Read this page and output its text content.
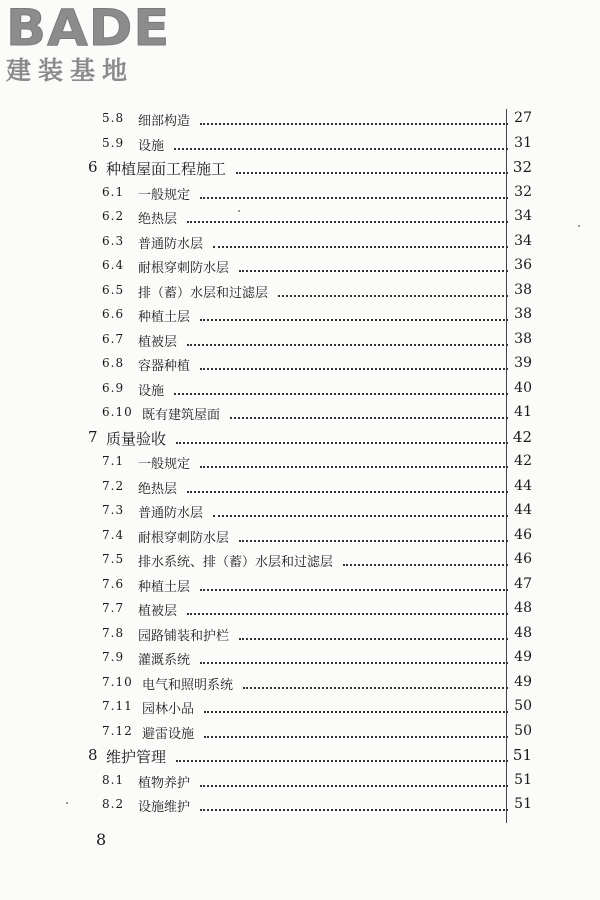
BADE
建装基地
5.8 细部构造	27
5.9 设施	31
6 种植屋面工程施工	32
6.1 一般规定	32
6.2 绝热层	34
6.3 普通防水层	34
6.4 耐根穿刺防水层	36
6.5 排（蓄）水层和过滤层	38
6.6 种植土层	38
6.7 植被层	38
6.8 容器种植	39
6.9 设施	40
6.10 既有建筑屋面	41
7 质量验收	42
7.1 一般规定	42
7.2 绝热层	44
7.3 普通防水层	44
7.4 耐根穿刺防水层	46
7.5 排水系统、排（蓄）水层和过滤层	46
7.6 种植土层	47
7.7 植被层	48
7.8 园路铺装和护栏	48
7.9 灌溉系统	49
7.10 电气和照明系统	49
7.11 园林小品	50
7.12 避雷设施	50
8 维护管理	51
8.1 植物养护	51
8.2 设施维护	51
8
